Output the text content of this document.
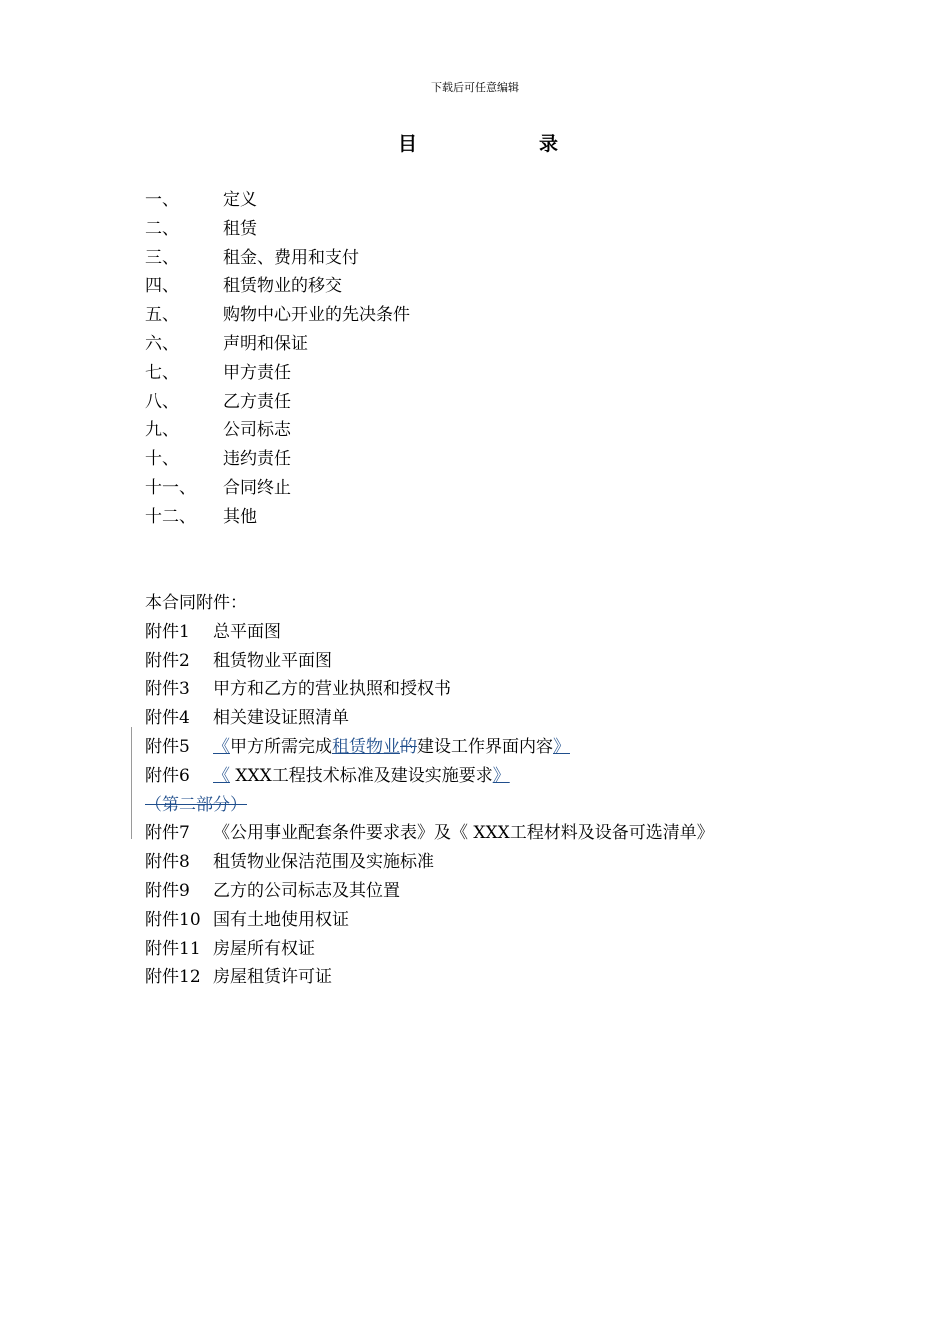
下载后可任意编辑
目	录
一、	定义
二、	租赁
三、	租金、费用和支付
四、	租赁物业的移交
五、	购物中心开业的先决条件
六、	声明和保证
七、	甲方责任
八、	乙方责任
九、	公司标志
十、	违约责任
十一、	合同终止
十二、	其他
本合同附件：
附件1	总平面图
附件2	租赁物业平面图
附件3	甲方和乙方的营业执照和授权书
附件4	相关建设证照清单
附件5	《甲方所需完成租赁物业的建设工作界面内容》
附件6	《 XXX工程技术标准及建设实施要求》
（第二部分）
附件7	《公用事业配套条件要求表》及《 XXX工程材料及设备可选清单》
附件8	租赁物业保洁范围及实施标准
附件9	乙方的公司标志及其位置
附件10 国有土地使用权证
附件11 房屋所有权证
附件12 房屋租赁许可证
